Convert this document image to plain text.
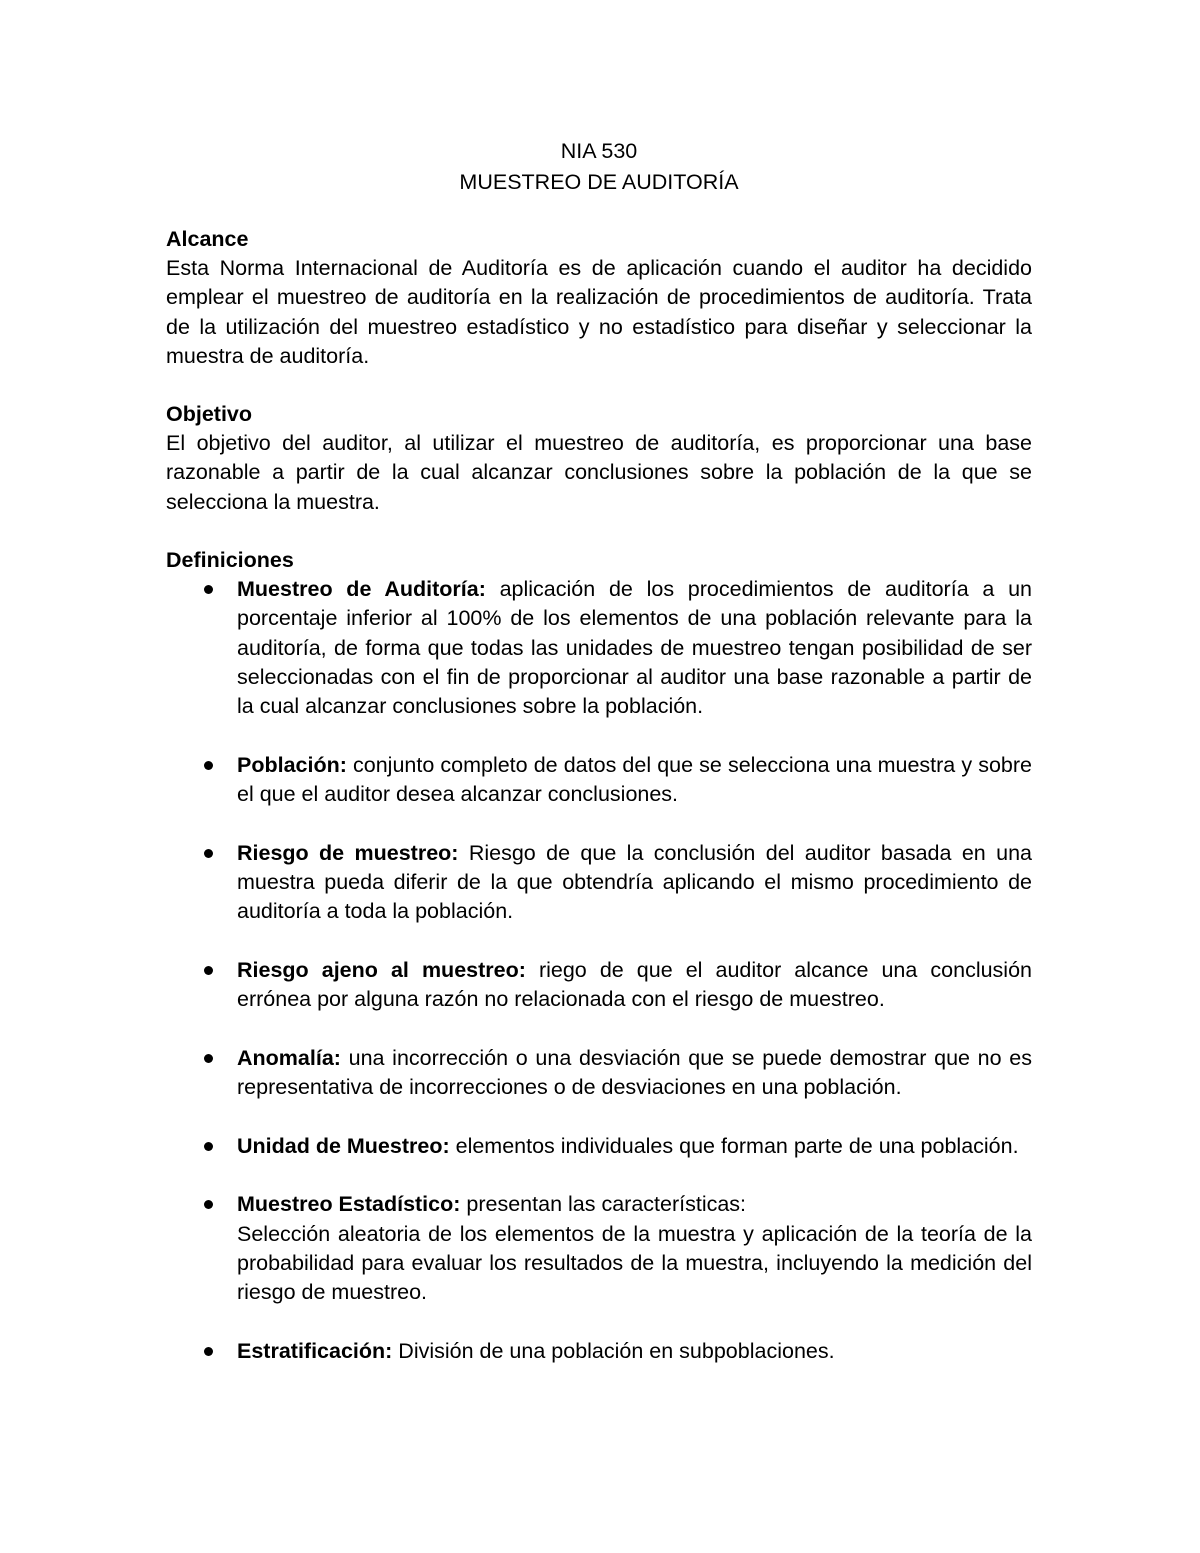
NIA 530

MUESTREO DE AUDITORÍA

Alcance

Esta Norma Internacional de Auditoría es de aplicación cuando el auditor ha decidido emplear el muestreo de auditoría en la realización de procedimientos de auditoría. Trata de la utilización del muestreo estadístico y no estadístico para diseñar y seleccionar la muestra de auditoría.

Objetivo

El objetivo del auditor, al utilizar el muestreo de auditoría, es proporcionar una base razonable a partir de la cual alcanzar conclusiones sobre la población de la que se selecciona la muestra.

Definiciones

Muestreo de Auditoría: aplicación de los procedimientos de auditoría a un porcentaje inferior al 100% de los elementos de una población relevante para la auditoría, de forma que todas las unidades de muestreo tengan posibilidad de ser seleccionadas con el fin de proporcionar al auditor una base razonable a partir de la cual alcanzar conclusiones sobre la población.
Población: conjunto completo de datos del que se selecciona una muestra y sobre el que el auditor desea alcanzar conclusiones.
Riesgo de muestreo: Riesgo de que la conclusión del auditor basada en una muestra pueda diferir de la que obtendría aplicando el mismo procedimiento de auditoría a toda la población.
Riesgo ajeno al muestreo: riego de que el auditor alcance una conclusión errónea por alguna razón no relacionada con el riesgo de muestreo.
Anomalía: una incorrección o una desviación que se puede demostrar que no es representativa de incorrecciones o de desviaciones en una población.
Unidad de Muestreo: elementos individuales que forman parte de una población.
Muestreo Estadístico: presentan las características:
Selección aleatoria de los elementos de la muestra y aplicación de la teoría de la probabilidad para evaluar los resultados de la muestra, incluyendo la medición del riesgo de muestreo.
Estratificación: División de una población en subpoblaciones.
